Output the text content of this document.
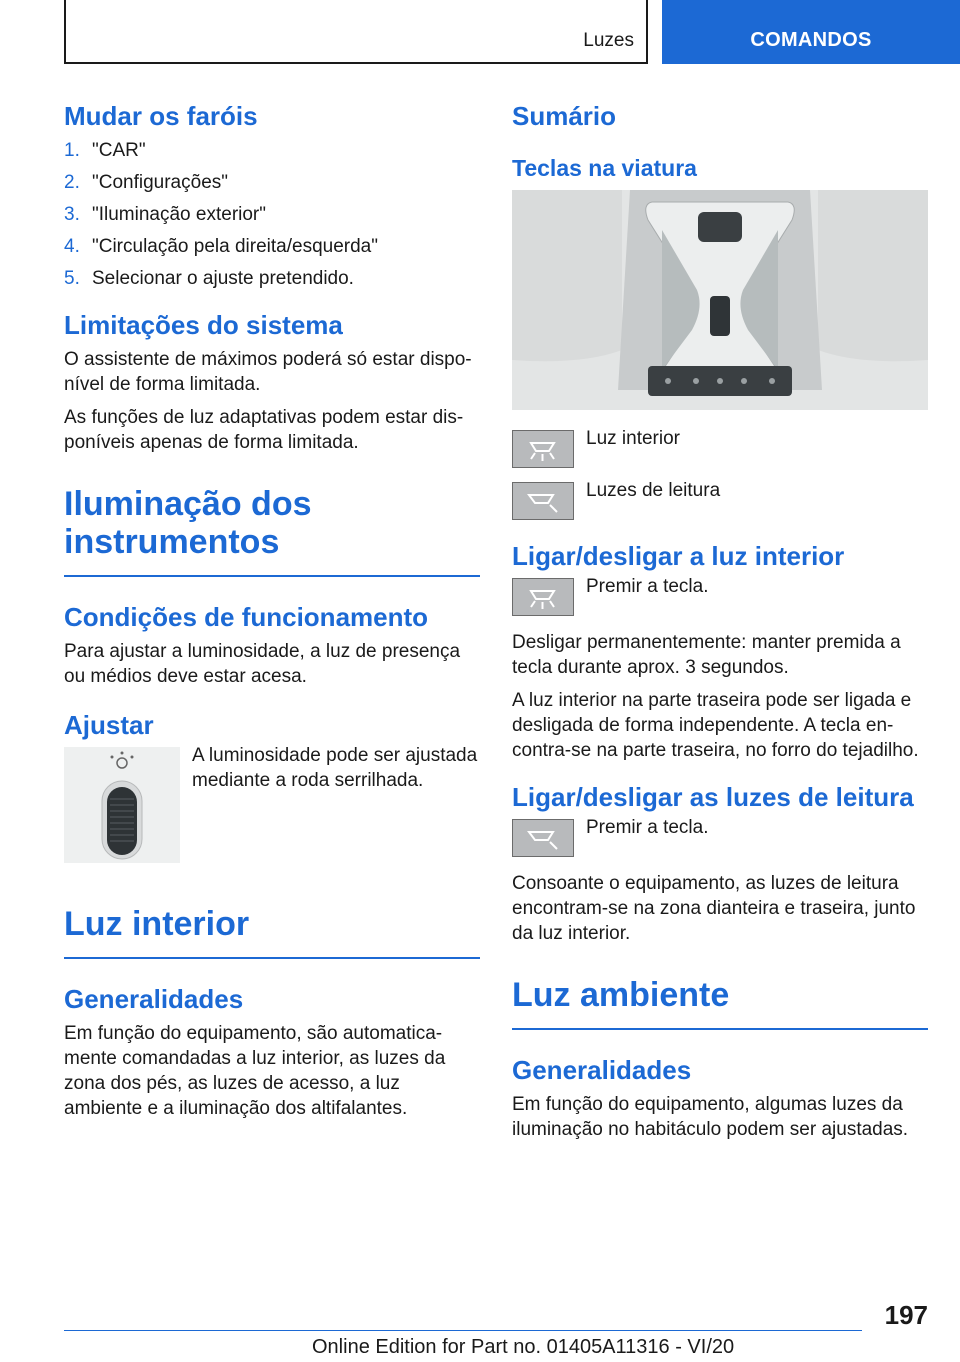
Luzes	COMANDOS
Mudar os faróis
1. "CAR"
2. "Configurações"
3. "Iluminação exterior"
4. "Circulação pela direita/esquerda"
5. Selecionar o ajuste pretendido.
Limitações do sistema

O assistente de máximos poderá só estar dispo-nível de forma limitada.

As funções de luz adaptativas podem estar dis-poníveis apenas de forma limitada.

Iluminação dos
instrumentos
Condições de funcionamento

Para ajustar a luminosidade, a luz de presença ou médios deve estar acesa.

Ajustar
A luminosidade pode ser ajustada mediante a roda serrilhada.
Luz interior
Generalidades

Em função do equipamento, são automatica-mente comandadas a luz interior, as luzes da zona dos pés, as luzes de acesso, a luz ambiente e a iluminação dos altifalantes.

Sumário
Teclas na viatura
Luz interior
Luzes de leitura
Ligar/desligar a luz interior
Premir a tecla.

Desligar permanentemente: manter premida a tecla durante aprox. 3 segundos.

A luz interior na parte traseira pode ser ligada e desligada de forma independente. A tecla en-contra-se na parte traseira, no forro do tejadilho.

Ligar/desligar as luzes de leitura
Premir a tecla.

Consoante o equipamento, as luzes de leitura encontram-se na zona dianteira e traseira, junto da luz interior.

Luz ambiente
Generalidades

Em função do equipamento, algumas luzes da iluminação no habitáculo podem ser ajustadas.

197
Online Edition for Part no. 01405A11316 - VI/20
